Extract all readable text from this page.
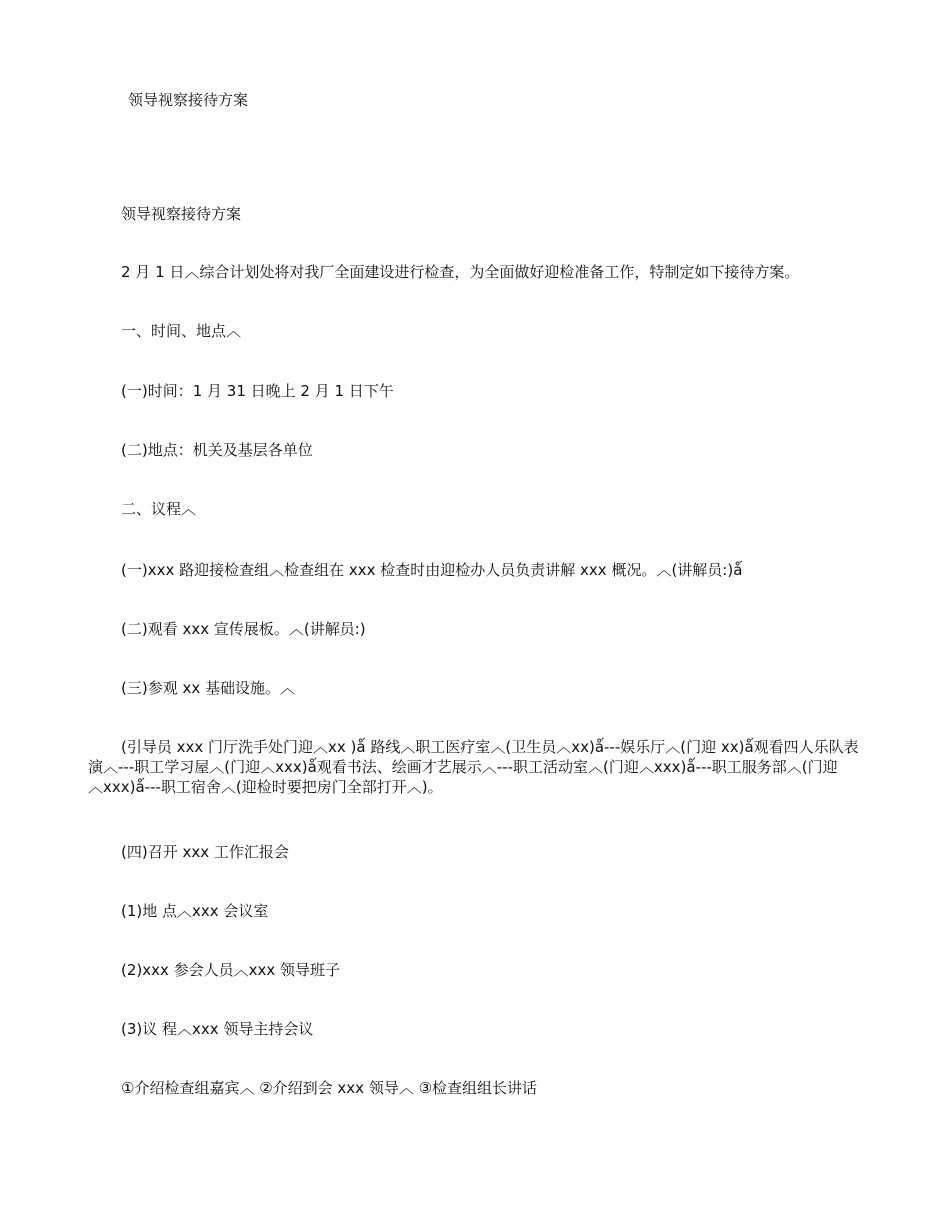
领导视察接待方案
领导视察接待方案
2 月 1 日︿综合计划处将对我厂全面建设进行检查，为全面做好迎检准备工作，特制定如下接待方案。
一、时间、地点︿
(一)时间：1 月 31 日晚上 2 月 1 日下午
(二)地点：机关及基层各单位
二、议程︿
(一)xxx 路迎接检查组︿检查组在 xxx 检查时由迎检办人员负责讲解 xxx 概况。︿(讲解员:)ǻ
(二)观看 xxx 宣传展板。︿(讲解员:)
(三)参观 xx 基础设施。︿
(引导员 xxx 门厅洗手处门迎︿xx )ǻ 路线︿职工医疗室︿(卫生员︿xx)ǻ---娱乐厅︿(门迎 xx)ǻ观看四人乐队表演︿---职工学习屋︿(门迎︿xxx)ǻ观看书法、绘画才艺展示︿---职工活动室︿(门迎︿xxx)ǻ---职工服务部︿(门迎︿xxx)ǻ---职工宿舍︿(迎检时要把房门全部打开︿)。
(四)召开 xxx 工作汇报会
(1)地 点︿xxx 会议室
(2)xxx 参会人员︿xxx 领导班子
(3)议 程︿xxx 领导主持会议
①介绍检查组嘉宾︿ ②介绍到会 xxx 领导︿ ③检查组组长讲话
